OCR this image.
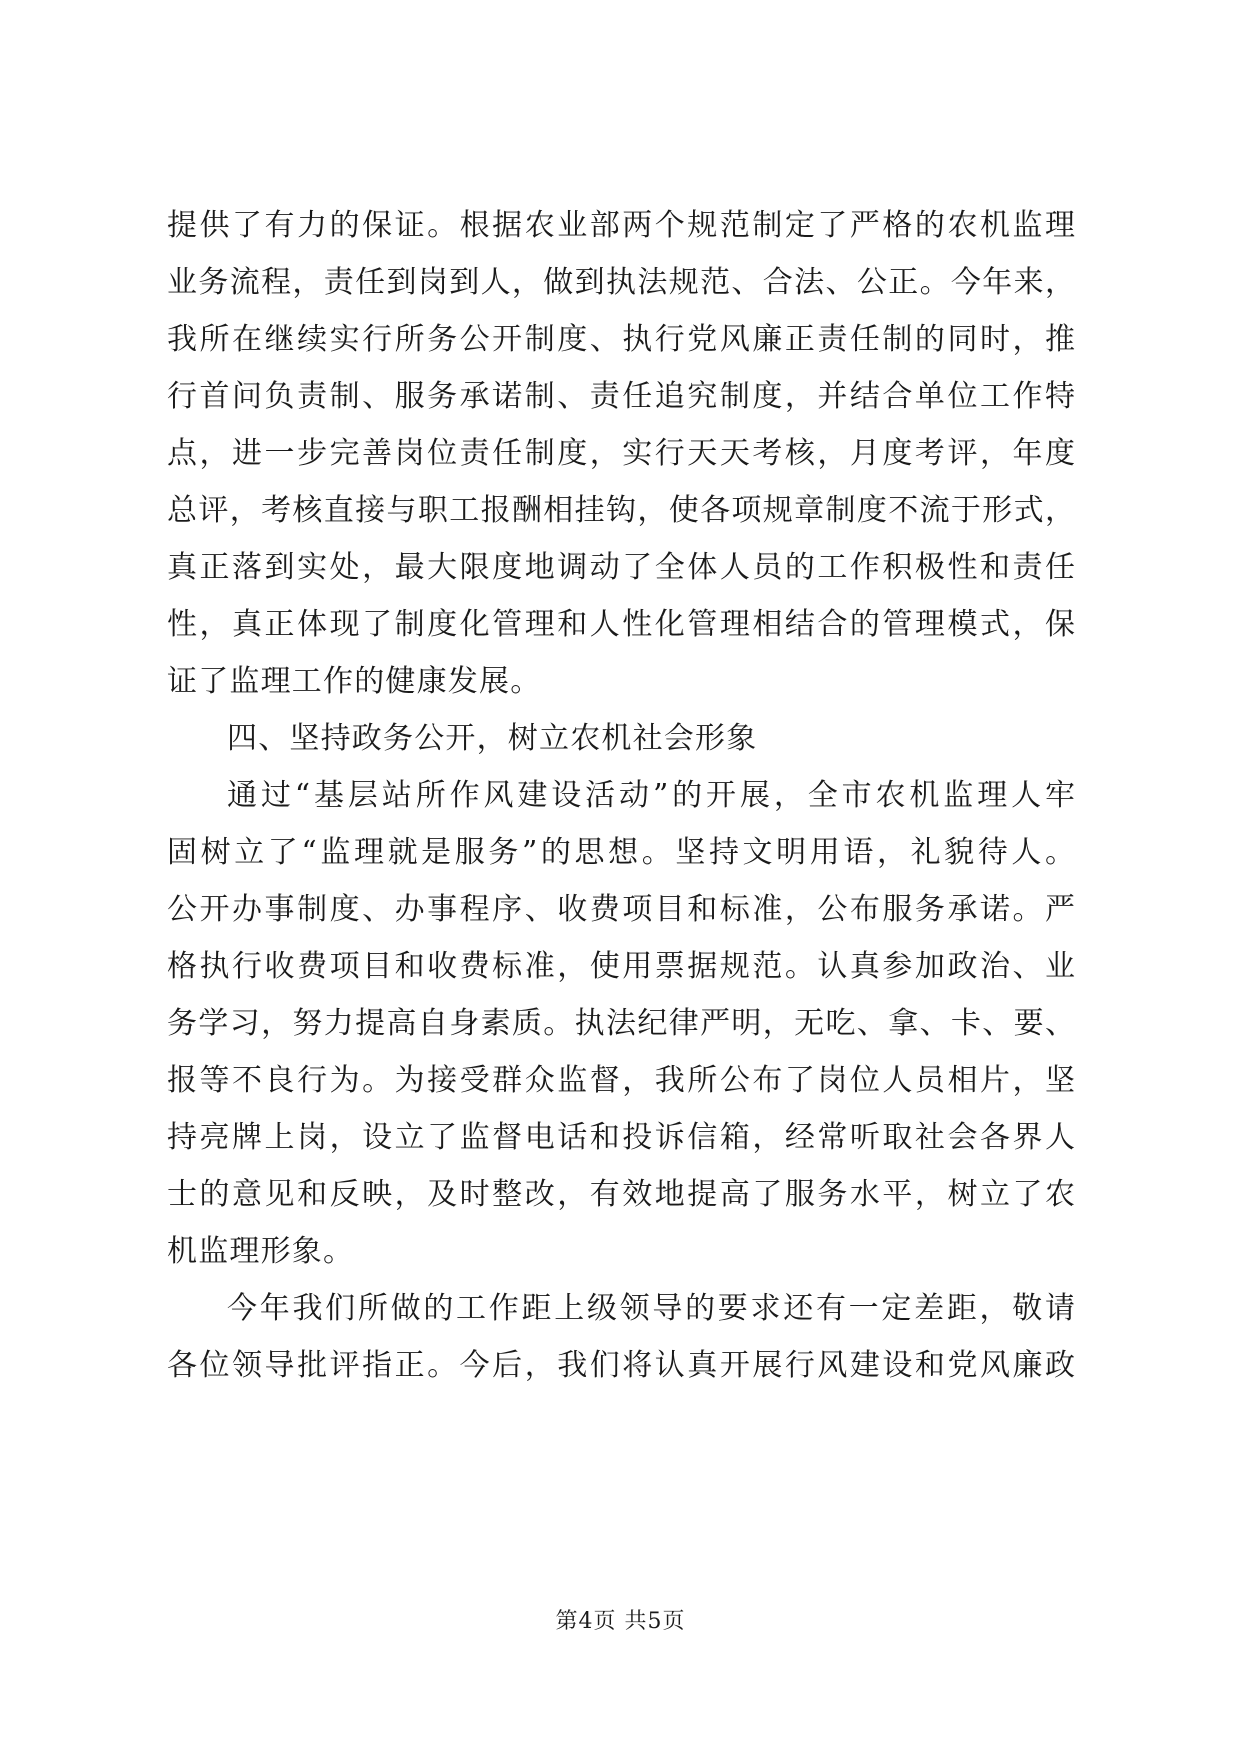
提供了有力的保证。根据农业部两个规范制定了严格的农机监理
业务流程，责任到岗到人，做到执法规范、合法、公正。今年来，
我所在继续实行所务公开制度、执行党风廉正责任制的同时，推
行首问负责制、服务承诺制、责任追究制度，并结合单位工作特
点，进一步完善岗位责任制度，实行天天考核，月度考评，年度
总评，考核直接与职工报酬相挂钩，使各项规章制度不流于形式，
真正落到实处，最大限度地调动了全体人员的工作积极性和责任
性，真正体现了制度化管理和人性化管理相结合的管理模式，保
证了监理工作的健康发展。
四、坚持政务公开，树立农机社会形象
通过“基层站所作风建设活动”的开展，全市农机监理人牢
固树立了“监理就是服务”的思想。坚持文明用语，礼貌待人。
公开办事制度、办事程序、收费项目和标准，公布服务承诺。严
格执行收费项目和收费标准，使用票据规范。认真参加政治、业
务学习，努力提高自身素质。执法纪律严明，无吃、拿、卡、要、
报等不良行为。为接受群众监督，我所公布了岗位人员相片，坚
持亮牌上岗，设立了监督电话和投诉信箱，经常听取社会各界人
士的意见和反映，及时整改，有效地提高了服务水平，树立了农
机监理形象。
今年我们所做的工作距上级领导的要求还有一定差距，敬请
各位领导批评指正。今后，我们将认真开展行风建设和党风廉政
第4页 共5页
